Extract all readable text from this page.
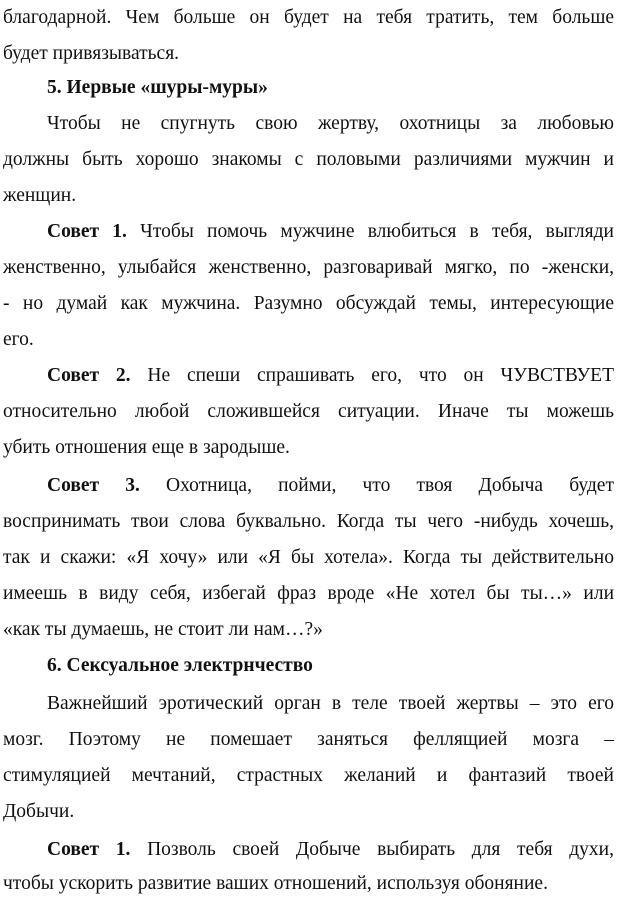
благодарной. Чем больше он будет на тебя тратить, тем больше
будет привязываться.
5. Иервые «шуры-муры»
Чтобы не спугнуть свою жертву, охотницы за любовью
должны быть хорошо знакомы с половыми различиями мужчин и
женщин.
Совет 1. Чтобы помочь мужчине влюбиться в тебя, выгляди
женственно, улыбайся женственно, разговаривай мягко, по -женски,
- но думай как мужчина. Разумно обсуждай темы, интересующие
его.
Совет 2. Не спеши спрашивать его, что он ЧУВСТВУЕТ
относительно любой сложившейся ситуации. Иначе ты можешь
убить отношения еще в зародыше.
Совет 3. Охотница, пойми, что твоя Добыча будет
воспринимать твои слова буквально. Когда ты чего -нибудь хочешь,
так и скажи: «Я хочу» или «Я бы хотела». Когда ты действительно
имеешь в виду себя, избегай фраз вроде «Не хотел бы ты…» или
«как ты думаешь, не стоит ли нам…?»
6. Сексуальное электрнчество
Важнейший эротический орган в теле твоей жертвы – это его
мозг. Поэтому не помешает заняться феллящией мозга –
стимуляцией мечтаний, страстных желаний и фантазий твоей
Добычи.
Совет 1. Позволь своей Добыче выбирать для тебя духи,
чтобы ускорить развитие ваших отношений, используя обоняние.
